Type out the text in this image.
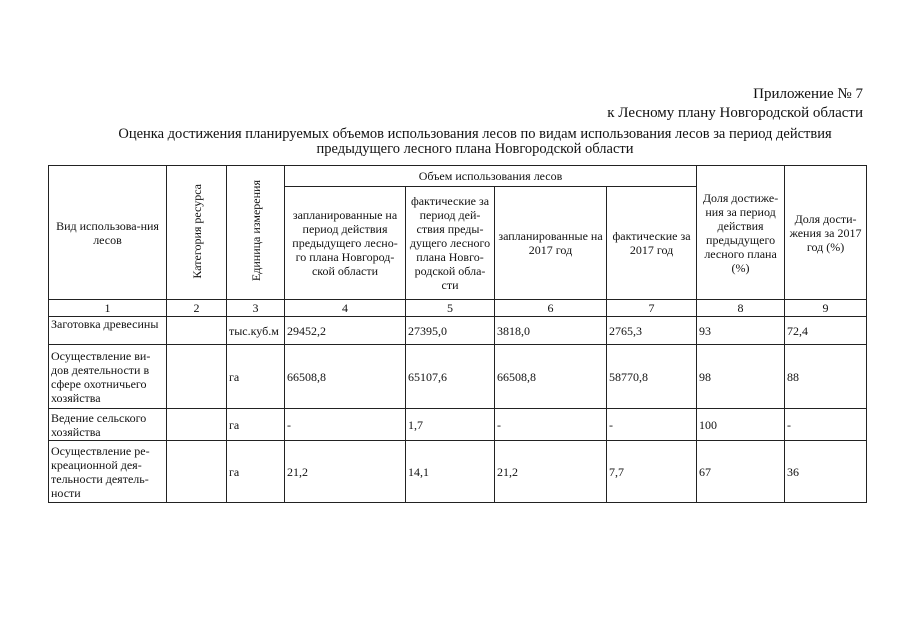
Приложение № 7
к Лесному плану Новгородской области
Оценка достижения планируемых объемов использования лесов по видам использования лесов за период действия
предыдущего лесного плана Новгородской области
Вид использова-ния лесов	Категория ресурса	Единица измерения	Объем использования лесов				Доля достиже-ния за период действия предыдущего лесного плана (%)	Доля дости-жения за 2017 год (%)
			запланированные на период действия предыдущего лесно-го плана Новгород-ской области	фактические за период дей-ствия преды-дущего лесного плана Новго-родской обла-сти	запланированные на 2017 год	фактические за 2017 год		
1	2	3	4	5	6	7	8	9
Заготовка древесины		тыс.куб.м	29452,2	27395,0	3818,0	2765,3	93	72,4
Осуществление ви-дов деятельности в сфере охотничьего хозяйства		га	66508,8	65107,6	66508,8	58770,8	98	88
Ведение сельского хозяйства		га	-	1,7	-	-	100	-
Осуществление ре-креационной дея-тельности деятель-ности		га	21,2	14,1	21,2	7,7	67	36
